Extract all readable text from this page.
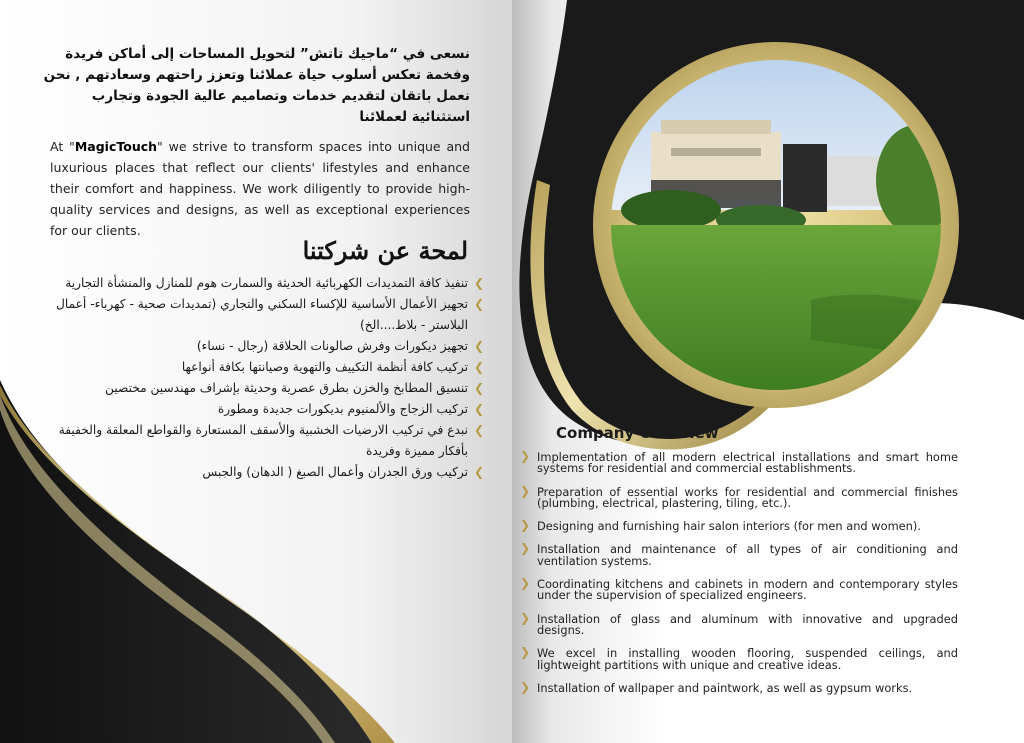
نسعى في “ماجيك تاتش” لتحويل المساحات إلى أماكن فريدة وفخمة تعكس أسلوب حياة عملائنا وتعزز راحتهم وسعادتهم , نحن نعمل باتقان لتقديم خدمات وتصاميم عالية الجودة وتجارب استثنائية لعملائنا

At "MagicTouch" we strive to transform spaces into unique and luxurious places that reflect our clients' lifestyles and enhance their comfort and happiness. We work diligently to provide high-quality services and designs, as well as exceptional experiences for our clients.

لمحة عن شركتنا
❯
تنفيذ كافة التمديدات الكهربائية الحديثة والسمارت هوم للمنازل والمنشأة التجارية
❯
تجهيز الأعمال الأساسية للإكساء السكني والتجاري (تمديدات صحية - كهرباء- أعمال البلاستر - بلاط....الخ)
❯
تجهيز ديكورات وفرش صالونات الحلاقة (رجال - نساء)
❯
تركيب كافة أنظمة التكييف والتهوية وصيانتها بكافة أنواعها
❯
تنسيق المطابخ والخزن بطرق عصرية وحديثة بإشراف مهندسين مختصين
❯
تركيب الزجاج والألمنيوم بديكورات جديدة ومطورة
❯
نبدع في تركيب الارضيات الخشبية والأسقف المستعارة والقواطع المعلقة والخفيفة بأفكار مميزة وفريدة
❯
تركيب ورق الجدران وأعمال الصبغ ( الدهان) والجبس
Company Overview
❯ Implementation of all modern electrical installations and smart home systems for residential and commercial establishments.
❯ Preparation of essential works for residential and commercial finishes (plumbing, electrical, plastering, tiling, etc.).
❯ Designing and furnishing hair salon interiors (for men and women).
❯ Installation and maintenance of all types of air conditioning and ventilation systems.
❯ Coordinating kitchens and cabinets in modern and contemporary styles under the supervision of specialized engineers.
❯ Installation of glass and aluminum with innovative and upgraded designs.
❯ We excel in installing wooden flooring, suspended ceilings, and lightweight partitions with unique and creative ideas.
❯ Installation of wallpaper and paintwork, as well as gypsum works.
